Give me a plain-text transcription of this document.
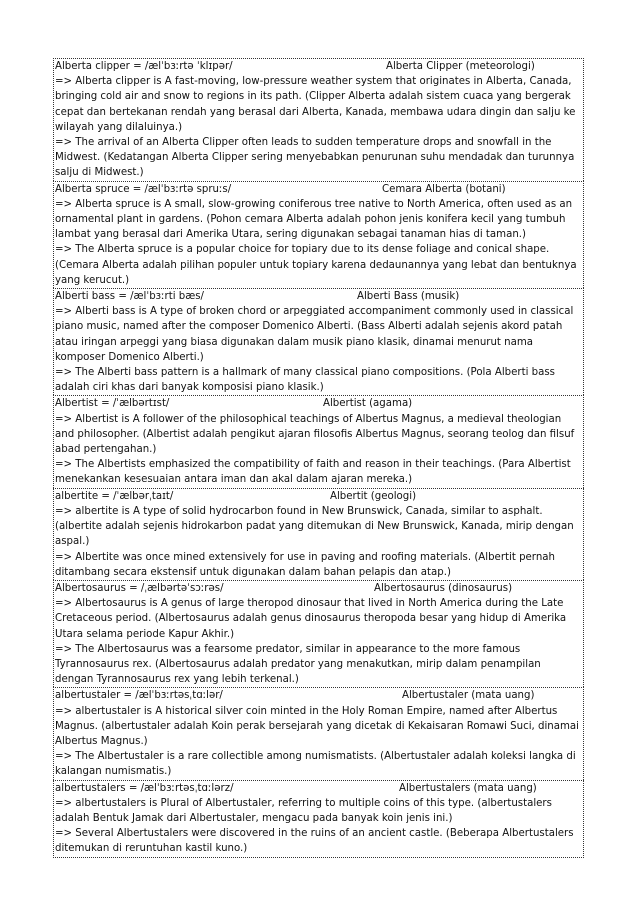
Alberta clipper = /ælˈbɜːrtə ˈklɪpər/	Alberta Clipper (meteorologi)
=> Alberta clipper is A fast-moving, low-pressure weather system that originates in Alberta, Canada, bringing cold air and snow to regions in its path. (Clipper Alberta adalah sistem cuaca yang bergerak cepat dan bertekanan rendah yang berasal dari Alberta, Kanada, membawa udara dingin dan salju ke wilayah yang dilaluinya.)
=> The arrival of an Alberta Clipper often leads to sudden temperature drops and snowfall in the Midwest. (Kedatangan Alberta Clipper sering menyebabkan penurunan suhu mendadak dan turunnya salju di Midwest.)
Alberta spruce = /ælˈbɜːrtə spruːs/	Cemara Alberta (botani)
=> Alberta spruce is A small, slow-growing coniferous tree native to North America, often used as an ornamental plant in gardens. (Pohon cemara Alberta adalah pohon jenis konifera kecil yang tumbuh lambat yang berasal dari Amerika Utara, sering digunakan sebagai tanaman hias di taman.)
=> The Alberta spruce is a popular choice for topiary due to its dense foliage and conical shape. (Cemara Alberta adalah pilihan populer untuk topiary karena dedaunannya yang lebat dan bentuknya yang kerucut.)
Alberti bass = /ælˈbɜːrti bæs/	Alberti Bass (musik)
=> Alberti bass is A type of broken chord or arpeggiated accompaniment commonly used in classical piano music, named after the composer Domenico Alberti. (Bass Alberti adalah sejenis akord patah atau iringan arpeggi yang biasa digunakan dalam musik piano klasik, dinamai menurut nama komposer Domenico Alberti.)
=> The Alberti bass pattern is a hallmark of many classical piano compositions. (Pola Alberti bass adalah ciri khas dari banyak komposisi piano klasik.)
Albertist = /ˈælbərtɪst/	Albertist (agama)
=> Albertist is A follower of the philosophical teachings of Albertus Magnus, a medieval theologian and philosopher. (Albertist adalah pengikut ajaran filosofis Albertus Magnus, seorang teolog dan filsuf abad pertengahan.)
=> The Albertists emphasized the compatibility of faith and reason in their teachings. (Para Albertist menekankan kesesuaian antara iman dan akal dalam ajaran mereka.)
albertite = /ˈælbərˌtaɪt/	Albertit (geologi)
=> albertite is A type of solid hydrocarbon found in New Brunswick, Canada, similar to asphalt. (albertite adalah sejenis hidrokarbon padat yang ditemukan di New Brunswick, Kanada, mirip dengan aspal.)
=> Albertite was once mined extensively for use in paving and roofing materials. (Albertit pernah ditambang secara ekstensif untuk digunakan dalam bahan pelapis dan atap.)
Albertosaurus = /ˌælbərtəˈsɔːrəs/	Albertosaurus (dinosaurus)
=> Albertosaurus is A genus of large theropod dinosaur that lived in North America during the Late Cretaceous period. (Albertosaurus adalah genus dinosaurus theropoda besar yang hidup di Amerika Utara selama periode Kapur Akhir.)
=> The Albertosaurus was a fearsome predator, similar in appearance to the more famous Tyrannosaurus rex. (Albertosaurus adalah predator yang menakutkan, mirip dalam penampilan dengan Tyrannosaurus rex yang lebih terkenal.)
albertustaler = /ælˈbɜːrtəsˌtɑːlər/	Albertustaler (mata uang)
=> albertustaler is A historical silver coin minted in the Holy Roman Empire, named after Albertus Magnus. (albertustaler adalah Koin perak bersejarah yang dicetak di Kekaisaran Romawi Suci, dinamai Albertus Magnus.)
=> The Albertustaler is a rare collectible among numismatists. (Albertustaler adalah koleksi langka di kalangan numismatis.)
albertustalers = /ælˈbɜːrtəsˌtɑːlərz/	Albertustalers (mata uang)
=> albertustalers is Plural of Albertustaler, referring to multiple coins of this type. (albertustalers adalah Bentuk Jamak dari Albertustaler, mengacu pada banyak koin jenis ini.)
=> Several Albertustalers were discovered in the ruins of an ancient castle. (Beberapa Albertustalers ditemukan di reruntuhan kastil kuno.)
